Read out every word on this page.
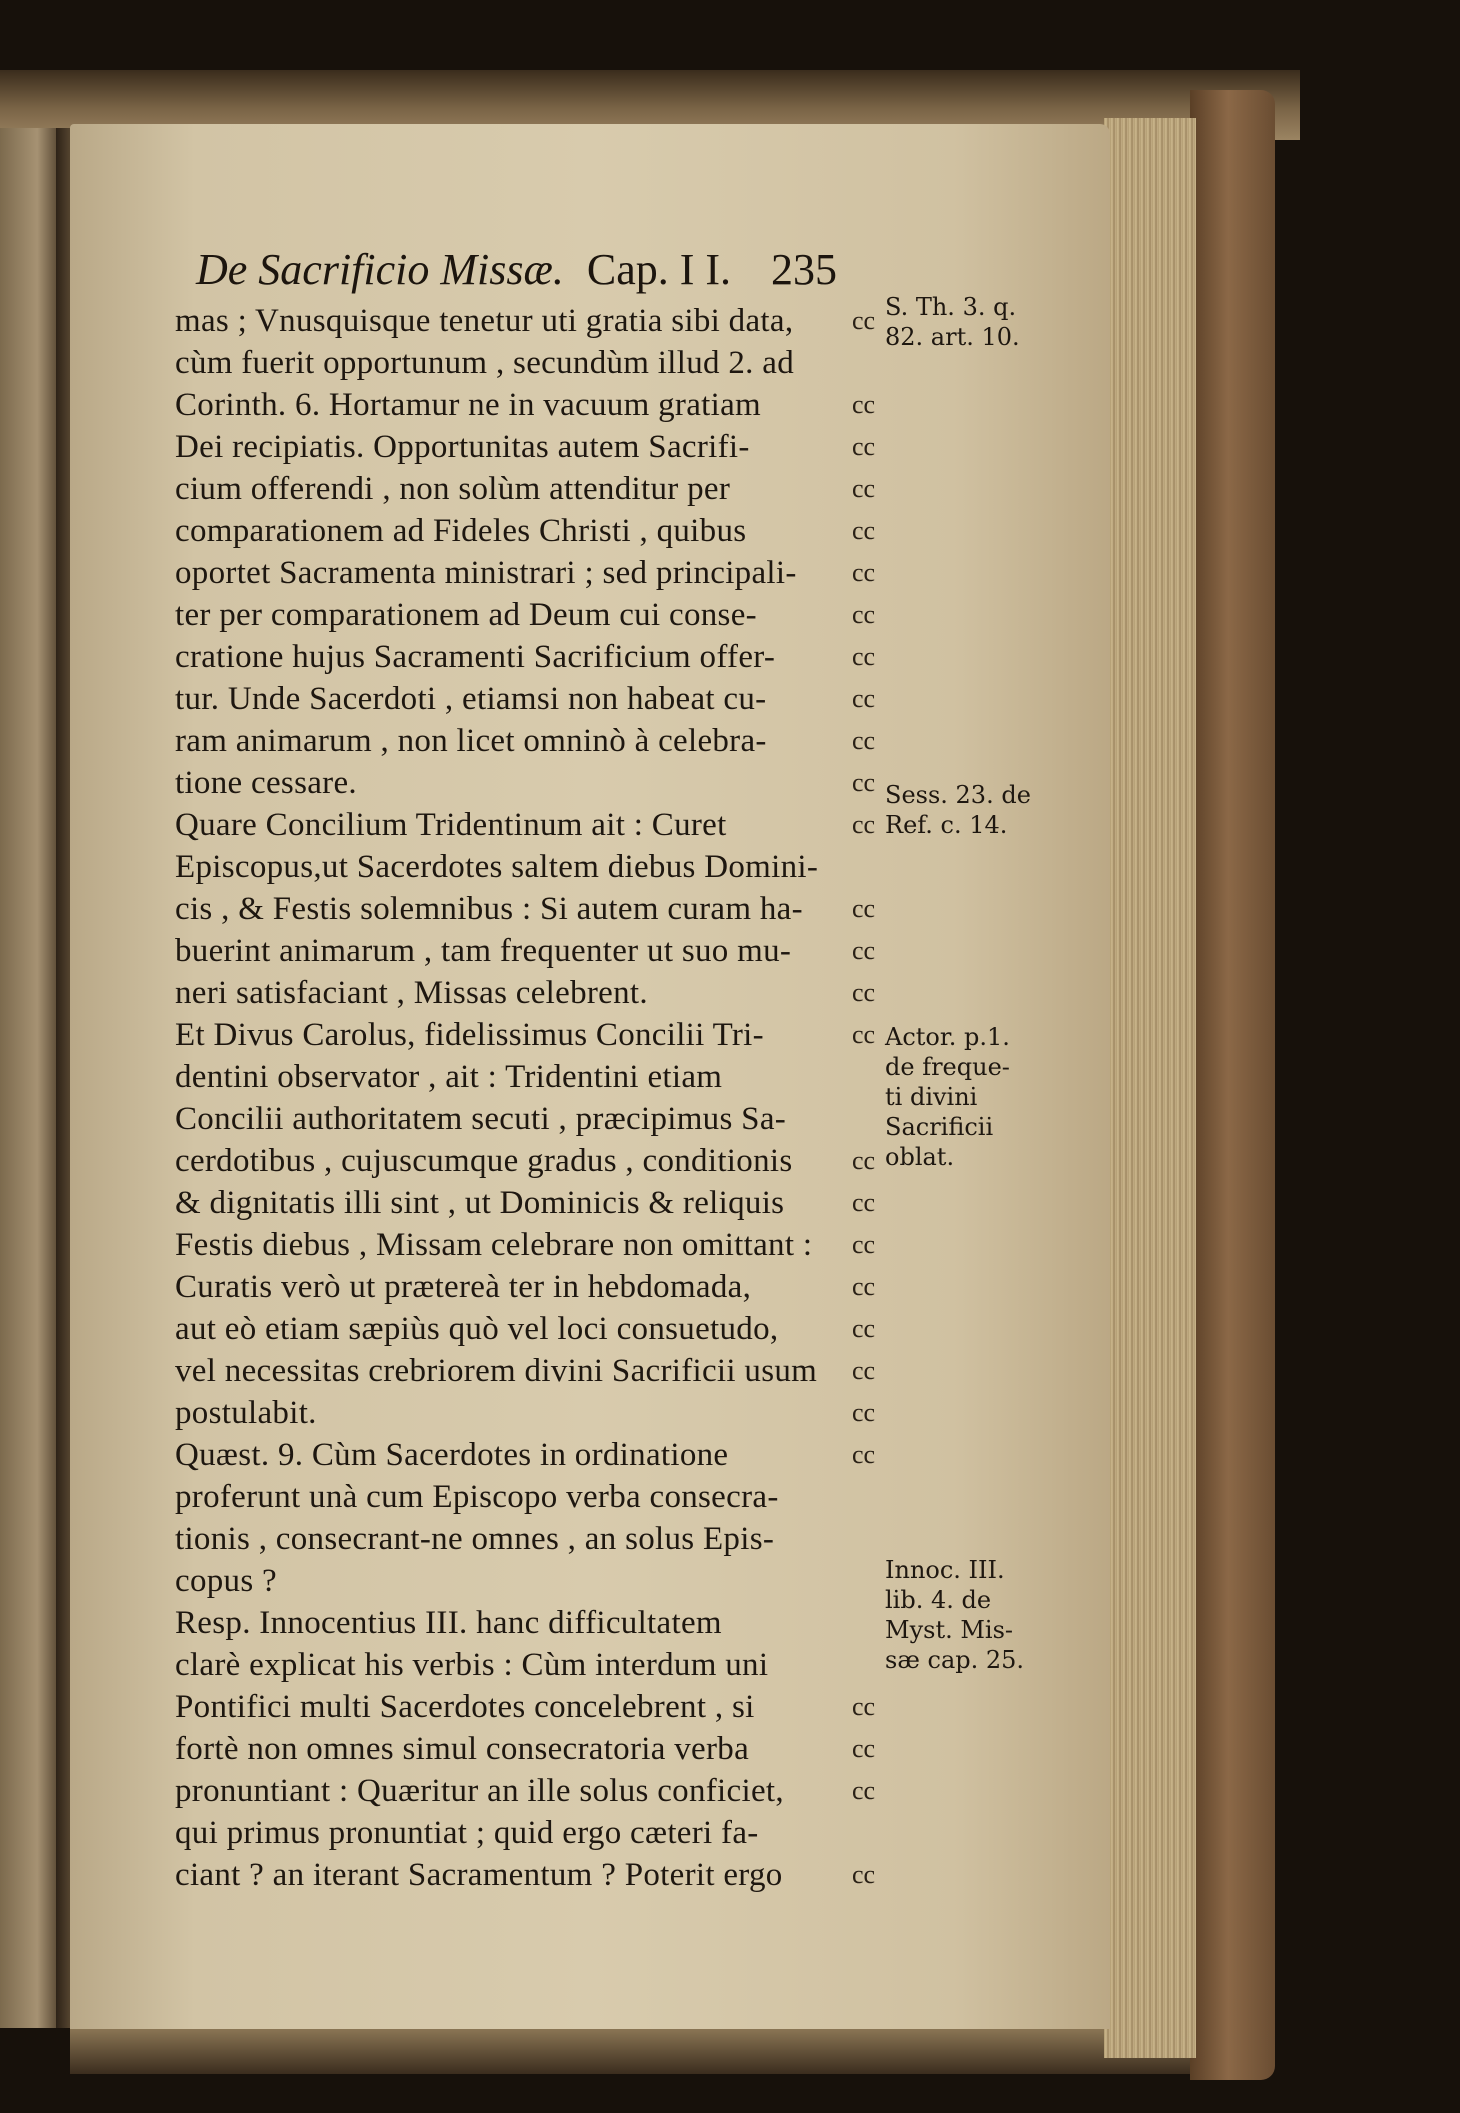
De Sacrificio Missæ. Cap. I I. 235
mas ; Vnusquisque tenetur uti gratia sibi data,
cùm fuerit opportunum , secundùm illud 2. ad
Corinth. 6. Hortamur ne in vacuum gratiam
Dei recipiatis. Opportunitas autem Sacrifi-
cium offerendi , non solùm attenditur per
comparationem ad Fideles Christi , quibus
oportet Sacramenta ministrari ; sed principali-
ter per comparationem ad Deum cui conse-
cratione hujus Sacramenti Sacrificium offer-
tur. Unde Sacerdoti , etiamsi non habeat cu-
ram animarum , non licet omninò à celebra-
tione cessare.
Quare Concilium Tridentinum ait : Curet
Episcopus,ut Sacerdotes saltem diebus Domini-
cis , & Festis solemnibus : Si autem curam ha-
buerint animarum , tam frequenter ut suo mu-
neri satisfaciant , Missas celebrent.
Et Divus Carolus, fidelissimus Concilii Tri-
dentini observator , ait : Tridentini etiam
Concilii authoritatem secuti , præcipimus Sa-
cerdotibus , cujuscumque gradus , conditionis
& dignitatis illi sint , ut Dominicis & reliquis
Festis diebus , Missam celebrare non omittant :
Curatis verò ut prætereà ter in hebdomada,
aut eò etiam sæpiùs quò vel loci consuetudo,
vel necessitas crebriorem divini Sacrificii usum
postulabit.
Quæst. 9. Cùm Sacerdotes in ordinatione
proferunt unà cum Episcopo verba consecra-
tionis , consecrant-ne omnes , an solus Epis-
copus ?
Resp. Innocentius III. hanc difficultatem
clarè explicat his verbis : Cùm interdum uni
Pontifici multi Sacerdotes concelebrent , si
fortè non omnes simul consecratoria verba
pronuntiant : Quæritur an ille solus conficiet,
qui primus pronuntiat ; quid ergo cæteri fa-
ciant ? an iterant Sacramentum ? Poterit ergo
cc
cc
cc
cc
cc
cc
cc
cc
cc
cc
cc
cc
cc
cc
cc
cc
cc
cc
cc
cc
cc
cc
cc
cc
cc
cc
cc
cc
S. Th. 3. q.
82. art. 10.
Sess. 23. de
Ref. c. 14.
Actor. p.1.
de freque-
ti divini
Sacrificii
oblat.
Innoc. III.
lib. 4. de
Myst. Mis-
sæ cap. 25.
